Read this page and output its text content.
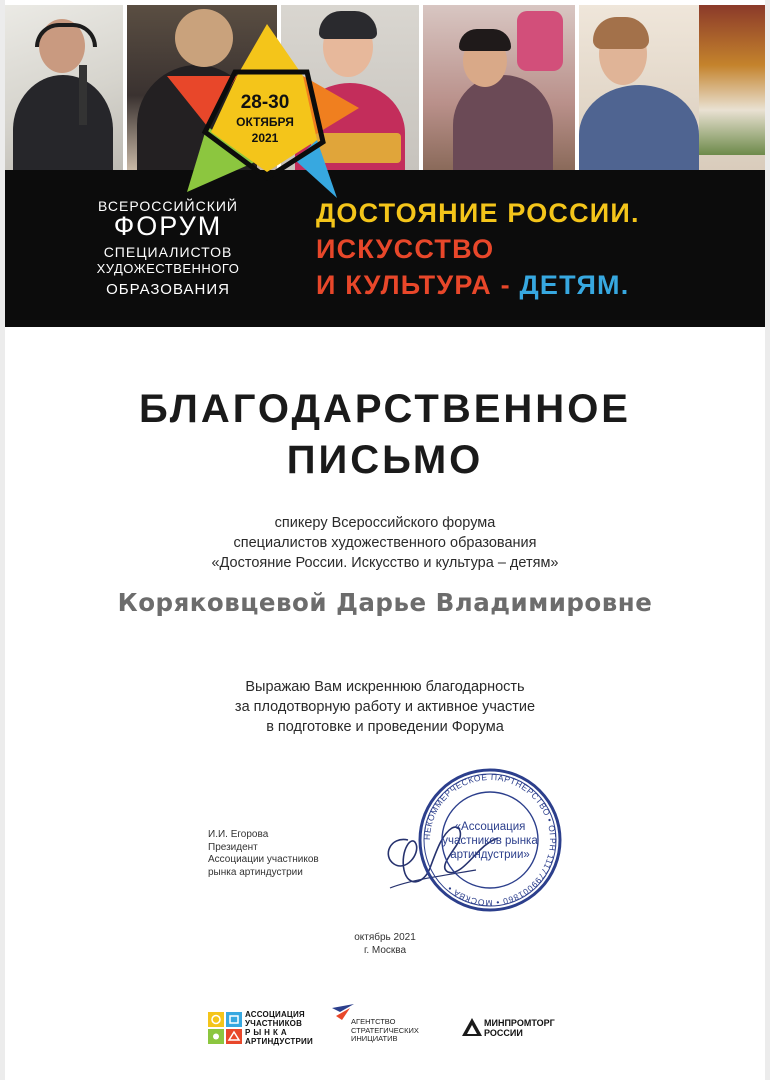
ВСЕРОССИЙСКИЙ
ФОРУМ
СПЕЦИАЛИСТОВ
ХУДОЖЕСТВЕННОГО
ОБРАЗОВАНИЯ
ДОСТОЯНИЕ РОССИИ.
ИСКУССТВО
И КУЛЬТУРА - ДЕТЯМ.
28-30
ОКТЯБРЯ
2021
БЛАГОДАРСТВЕННОЕ
ПИСЬМО
спикеру Всероссийского форума
специалистов художественного образования
«Достояние России. Искусство и культура – детям»
Коряковцевой Дарье Владимировне
Выражаю Вам искреннюю благодарность
за плодотворную работу и активное участие
в подготовке и проведении Форума
И.И. Егорова
Президент
Ассоциации участников
рынка артиндустрии
НЕКОММЕРЧЕСКОЕ ПАРТНЕРСТВО • ОГРН 1117799001860 • МОСКВА •
«Ассоциация
участников рынка
артиндустрии»
октябрь 2021
г. Москва
АССОЦИАЦИЯ
УЧАСТНИКОВ
РЫНКА
АРТИНДУСТРИИ
АГЕНТСТВО
СТРАТЕГИЧЕСКИХ
ИНИЦИАТИВ
МИНПРОМТОРГ
РОССИИ
